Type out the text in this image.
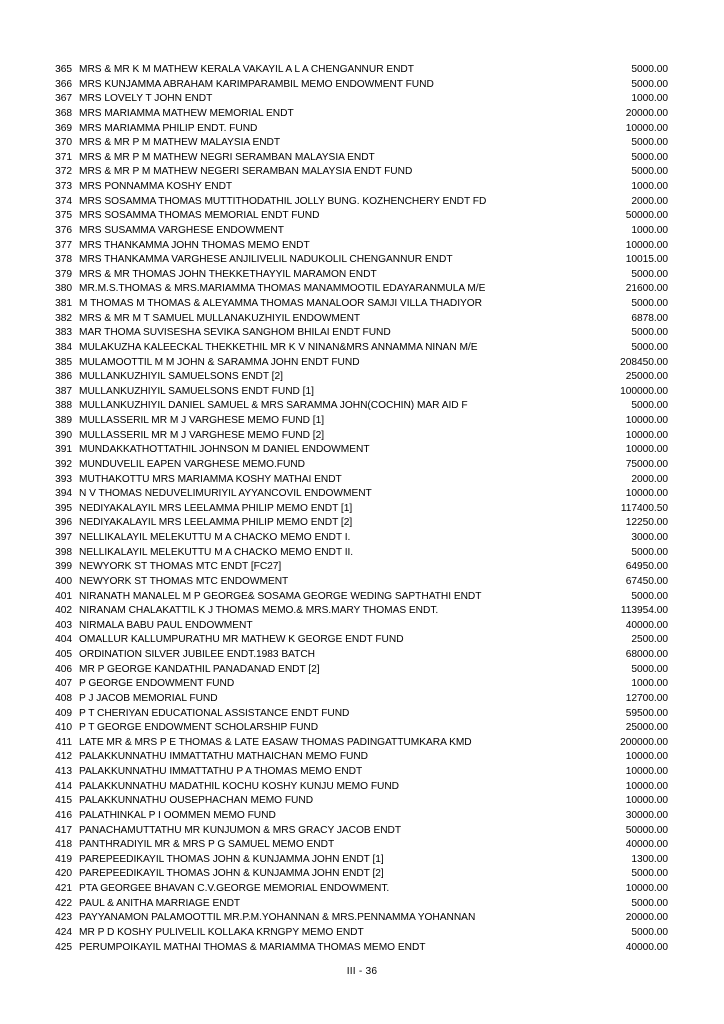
365 MRS & MR K M MATHEW KERALA VAKAYIL A L A CHENGANNUR ENDT	5000.00
366 MRS KUNJAMMA ABRAHAM KARIMPARAMBIL MEMO ENDOWMENT FUND	5000.00
367 MRS LOVELY T JOHN ENDT	1000.00
368 MRS MARIAMMA MATHEW MEMORIAL ENDT	20000.00
369 MRS MARIAMMA PHILIP ENDT. FUND	10000.00
370 MRS & MR P M MATHEW MALAYSIA ENDT	5000.00
371 MRS & MR P M MATHEW NEGRI SERAMBAN MALAYSIA ENDT	5000.00
372 MRS & MR P M MATHEW NEGERI SERAMBAN MALAYSIA ENDT FUND	5000.00
373 MRS PONNAMMA KOSHY ENDT	1000.00
374 MRS SOSAMMA THOMAS MUTTITHODATHIL JOLLY BUNG. KOZHENCHERY ENDT FD	2000.00
375 MRS SOSAMMA THOMAS MEMORIAL ENDT FUND	50000.00
376 MRS SUSAMMA VARGHESE ENDOWMENT	1000.00
377 MRS THANKAMMA JOHN THOMAS MEMO ENDT	10000.00
378 MRS THANKAMMA VARGHESE ANJILIVELIL NADUKOLIL CHENGANNUR ENDT	10015.00
379 MRS & MR THOMAS JOHN THEKKETHAYYIL MARAMON ENDT	5000.00
380 MR.M.S.THOMAS & MRS.MARIAMMA THOMAS MANAMMOOTIL EDAYARANMULA M/E	21600.00
381 M THOMAS M THOMAS & ALEYAMMA THOMAS MANALOOR SAMJI VILLA THADIYOR	5000.00
382 MRS & MR M T SAMUEL MULLANAKUZHIYIL ENDOWMENT	6878.00
383 MAR THOMA SUVISESHA SEVIKA SANGHOM BHILAI ENDT FUND	5000.00
384 MULAKUZHA KALEECKAL THEKKETHIL MR K V NINAN&MRS ANNAMMA NINAN M/E	5000.00
385 MULAMOOTTIL M M JOHN & SARAMMA JOHN ENDT FUND	208450.00
386 MULLANKUZHIYIL SAMUELSONS ENDT [2]	25000.00
387 MULLANKUZHIYIL SAMUELSONS ENDT FUND [1]	100000.00
388 MULLANKUZHIYIL DANIEL SAMUEL & MRS SARAMMA JOHN(COCHIN) MAR AID F	5000.00
389 MULLASSERIL MR M J VARGHESE MEMO FUND [1]	10000.00
390 MULLASSERIL MR M J VARGHESE MEMO FUND [2]	10000.00
391 MUNDAKKATHOTTATHIL JOHNSON M DANIEL ENDOWMENT	10000.00
392 MUNDUVELIL EAPEN VARGHESE MEMO.FUND	75000.00
393 MUTHAKOTTU MRS MARIAMMA KOSHY MATHAI ENDT	2000.00
394 N V THOMAS NEDUVELIMURIYIL AYYANCOVIL ENDOWMENT	10000.00
395 NEDIYAKALAYIL MRS LEELAMMA PHILIP MEMO ENDT [1]	117400.50
396 NEDIYAKALAYIL MRS LEELAMMA PHILIP MEMO ENDT [2]	12250.00
397 NELLIKALAYIL MELEKUTTU M A CHACKO MEMO ENDT I.	3000.00
398 NELLIKALAYIL MELEKUTTU M A CHACKO MEMO ENDT II.	5000.00
399 NEWYORK ST THOMAS MTC ENDT [FC27]	64950.00
400 NEWYORK ST THOMAS MTC ENDOWMENT	67450.00
401 NIRANATH MANALEL M P GEORGE& SOSAMA GEORGE WEDING SAPTHATHI ENDT	5000.00
402 NIRANAM CHALAKATTIL K J THOMAS MEMO.& MRS.MARY THOMAS ENDT.	113954.00
403 NIRMALA BABU PAUL ENDOWMENT	40000.00
404 OMALLUR KALLUMPURATHU MR MATHEW K GEORGE ENDT FUND	2500.00
405 ORDINATION SILVER JUBILEE ENDT.1983 BATCH	68000.00
406 MR P GEORGE KANDATHIL PANADANAD ENDT [2]	5000.00
407 P GEORGE ENDOWMENT FUND	1000.00
408 P J JACOB MEMORIAL FUND	12700.00
409 P T CHERIYAN EDUCATIONAL ASSISTANCE ENDT FUND	59500.00
410 P T GEORGE ENDOWMENT SCHOLARSHIP FUND	25000.00
411 LATE MR & MRS P E THOMAS & LATE EASAW THOMAS PADINGATTUMKARA KMD	200000.00
412 PALAKKUNNATHU IMMATTATHU MATHAICHAN MEMO FUND	10000.00
413 PALAKKUNNATHU IMMATTATHU P A THOMAS MEMO ENDT	10000.00
414 PALAKKUNNATHU MADATHIL KOCHU KOSHY KUNJU MEMO FUND	10000.00
415 PALAKKUNNATHU OUSEPHACHAN MEMO FUND	10000.00
416 PALATHINKAL P I OOMMEN MEMO FUND	30000.00
417 PANACHAMUTTATHU MR KUNJUMON & MRS GRACY JACOB ENDT	50000.00
418 PANTHRADIYIL MR & MRS P G SAMUEL MEMO ENDT	40000.00
419 PAREPEEDIKAYIL THOMAS JOHN & KUNJAMMA JOHN ENDT [1]	1300.00
420 PAREPEEDIKAYIL THOMAS JOHN & KUNJAMMA JOHN ENDT [2]	5000.00
421 PTA GEORGEE BHAVAN C.V.GEORGE MEMORIAL ENDOWMENT.	10000.00
422 PAUL & ANITHA MARRIAGE ENDT	5000.00
423 PAYYANAMON PALAMOOTTIL MR.P.M.YOHANNAN & MRS.PENNAMMA YOHANNAN	20000.00
424 MR P D KOSHY PULIVELIL KOLLAKA KRNGPY MEMO ENDT	5000.00
425 PERUMPOIKAYIL MATHAI THOMAS & MARIAMMA THOMAS MEMO ENDT	40000.00
III - 36
